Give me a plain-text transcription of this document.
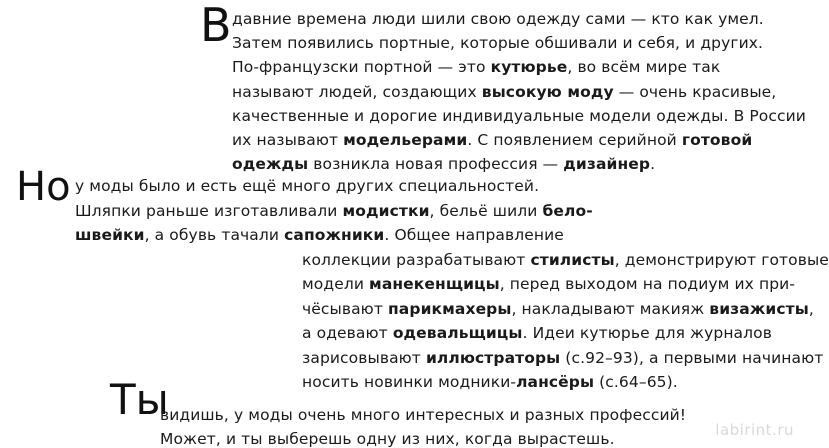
В
Но
Ты
давние времена люди шили свою одежду сами — кто как умел.
Затем появились портные, которые обшивали и себя, и других.
По-французски портной — это кутюрье, во всём мире так
называют людей, создающих высокую моду — очень красивые,
качественные и дорогие индивидуальные модели одежды. В России
их называют модельерами. С появлением серийной готовой
одежды возникла новая профессия — дизайнер.
у моды было и есть ещё много других специальностей.
Шляпки раньше изготавливали модистки, бельё шили бело-
швейки, а обувь тачали сапожники. Общее направление
коллекции разрабатывают стилисты, демонстрируют готовые
модели манекенщицы, перед выходом на подиум их при-
чёсывают парикмахеры, накладывают макияж визажисты,
а одевают одевальщицы. Идеи кутюрье для журналов
зарисовывают иллюстраторы (с.92–93), а первыми начинают
носить новинки модники-лансёры (с.64–65).
видишь, у моды очень много интересных и разных профессий!
Может, и ты выберешь одну из них, когда вырастешь.	labirint.ru
